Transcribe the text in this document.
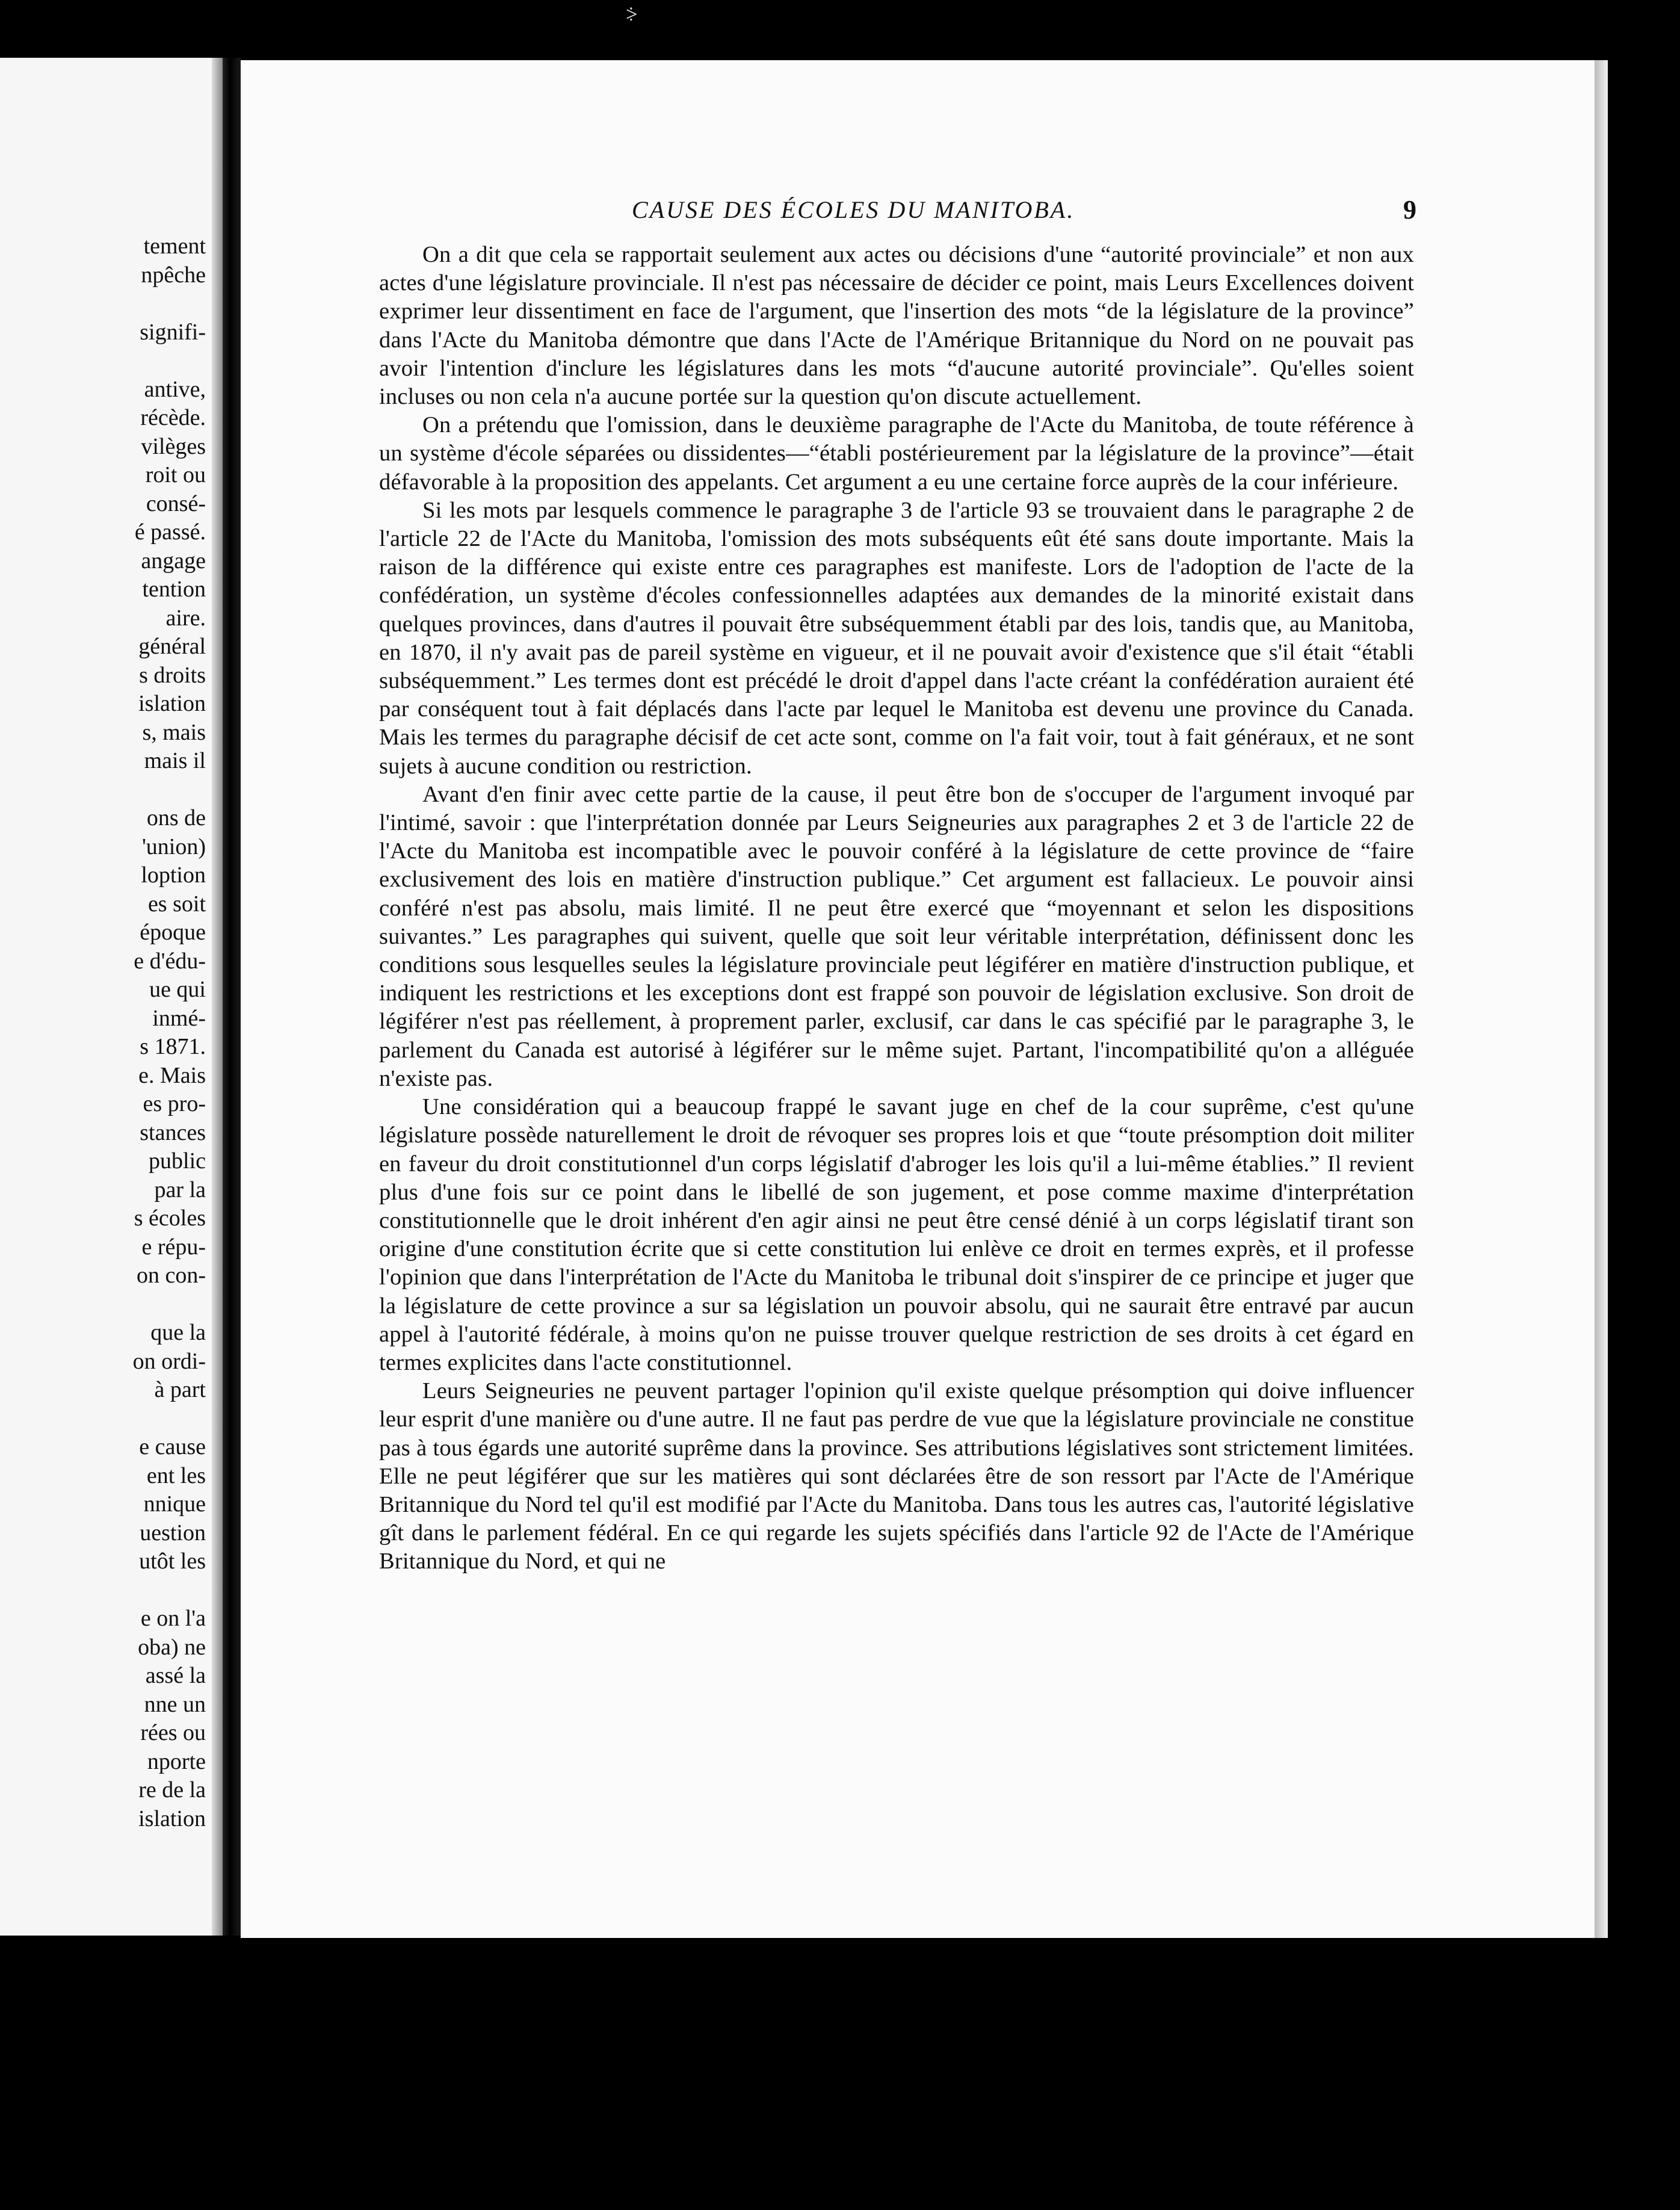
tement
npêche

signifi-

antive,
récède.
vilèges
roit ou
consé-
é passé.
angage
tention
aire.
général
s droits
islation
s, mais
mais il

ons de
'union)
loption
es soit
époque
e d'édu-
ue qui
inmé-
s 1871.
e. Mais
es pro-
stances
public
par la
s écoles
e répu-
on con-

que la
on ordi-
à part

e cause
ent les
nnique
uestion
utôt les

e on l'a
oba) ne
assé la
nne un
rées ou
nporte
re de la
islation
⸖
CAUSE DES ÉCOLES DU MANITOBA.	9

On a dit que cela se rapportait seulement aux actes ou décisions d'une “autorité provinciale” et non aux actes d'une législature provinciale. Il n'est pas nécessaire de décider ce point, mais Leurs Excellences doivent exprimer leur dissentiment en face de l'argument, que l'insertion des mots “de la législature de la province” dans l'Acte du Manitoba démontre que dans l'Acte de l'Amérique Britannique du Nord on ne pouvait pas avoir l'intention d'inclure les législatures dans les mots “d'aucune autorité provinciale”. Qu'elles soient incluses ou non cela n'a aucune portée sur la question qu'on discute actuellement.

On a prétendu que l'omission, dans le deuxième paragraphe de l'Acte du Manitoba, de toute référence à un système d'école séparées ou dissidentes—“établi postérieurement par la législature de la province”—était défavorable à la proposition des appelants. Cet argument a eu une certaine force auprès de la cour inférieure.

Si les mots par lesquels commence le paragraphe 3 de l'article 93 se trouvaient dans le paragraphe 2 de l'article 22 de l'Acte du Manitoba, l'omission des mots subséquents eût été sans doute importante. Mais la raison de la différence qui existe entre ces paragraphes est manifeste. Lors de l'adoption de l'acte de la confédération, un système d'écoles confessionnelles adaptées aux demandes de la minorité existait dans quelques provinces, dans d'autres il pouvait être subséquemment établi par des lois, tandis que, au Manitoba, en 1870, il n'y avait pas de pareil système en vigueur, et il ne pouvait avoir d'existence que s'il était “établi subséquemment.” Les termes dont est précédé le droit d'appel dans l'acte créant la confédération auraient été par conséquent tout à fait déplacés dans l'acte par lequel le Manitoba est devenu une province du Canada. Mais les termes du paragraphe décisif de cet acte sont, comme on l'a fait voir, tout à fait généraux, et ne sont sujets à aucune condition ou restriction.

Avant d'en finir avec cette partie de la cause, il peut être bon de s'occuper de l'argument invoqué par l'intimé, savoir : que l'interprétation donnée par Leurs Seigneuries aux paragraphes 2 et 3 de l'article 22 de l'Acte du Manitoba est incompatible avec le pouvoir conféré à la législature de cette province de “faire exclusivement des lois en matière d'instruction publique.” Cet argument est fallacieux. Le pouvoir ainsi conféré n'est pas absolu, mais limité. Il ne peut être exercé que “moyennant et selon les dispositions suivantes.” Les paragraphes qui suivent, quelle que soit leur véritable interprétation, définissent donc les conditions sous lesquelles seules la législature provinciale peut légiférer en matière d'instruction publique, et indiquent les restrictions et les exceptions dont est frappé son pouvoir de législation exclusive. Son droit de légiférer n'est pas réellement, à proprement parler, exclusif, car dans le cas spécifié par le paragraphe 3, le parlement du Canada est autorisé à légiférer sur le même sujet. Partant, l'incompatibilité qu'on a alléguée n'existe pas.

Une considération qui a beaucoup frappé le savant juge en chef de la cour suprême, c'est qu'une législature possède naturellement le droit de révoquer ses propres lois et que “toute présomption doit militer en faveur du droit constitutionnel d'un corps législatif d'abroger les lois qu'il a lui-même établies.” Il revient plus d'une fois sur ce point dans le libellé de son jugement, et pose comme maxime d'interprétation constitutionnelle que le droit inhérent d'en agir ainsi ne peut être censé dénié à un corps législatif tirant son origine d'une constitution écrite que si cette constitution lui enlève ce droit en termes exprès, et il professe l'opinion que dans l'interprétation de l'Acte du Manitoba le tribunal doit s'inspirer de ce principe et juger que la législature de cette province a sur sa législation un pouvoir absolu, qui ne saurait être entravé par aucun appel à l'autorité fédérale, à moins qu'on ne puisse trouver quelque restriction de ses droits à cet égard en termes explicites dans l'acte constitutionnel.

Leurs Seigneuries ne peuvent partager l'opinion qu'il existe quelque présomption qui doive influencer leur esprit d'une manière ou d'une autre. Il ne faut pas perdre de vue que la législature provinciale ne constitue pas à tous égards une autorité suprême dans la province. Ses attributions législatives sont strictement limitées. Elle ne peut légiférer que sur les matières qui sont déclarées être de son ressort par l'Acte de l'Amérique Britannique du Nord tel qu'il est modifié par l'Acte du Manitoba. Dans tous les autres cas, l'autorité législative gît dans le parlement fédéral. En ce qui regarde les sujets spécifiés dans l'article 92 de l'Acte de l'Amérique Britannique du Nord, et qui ne
